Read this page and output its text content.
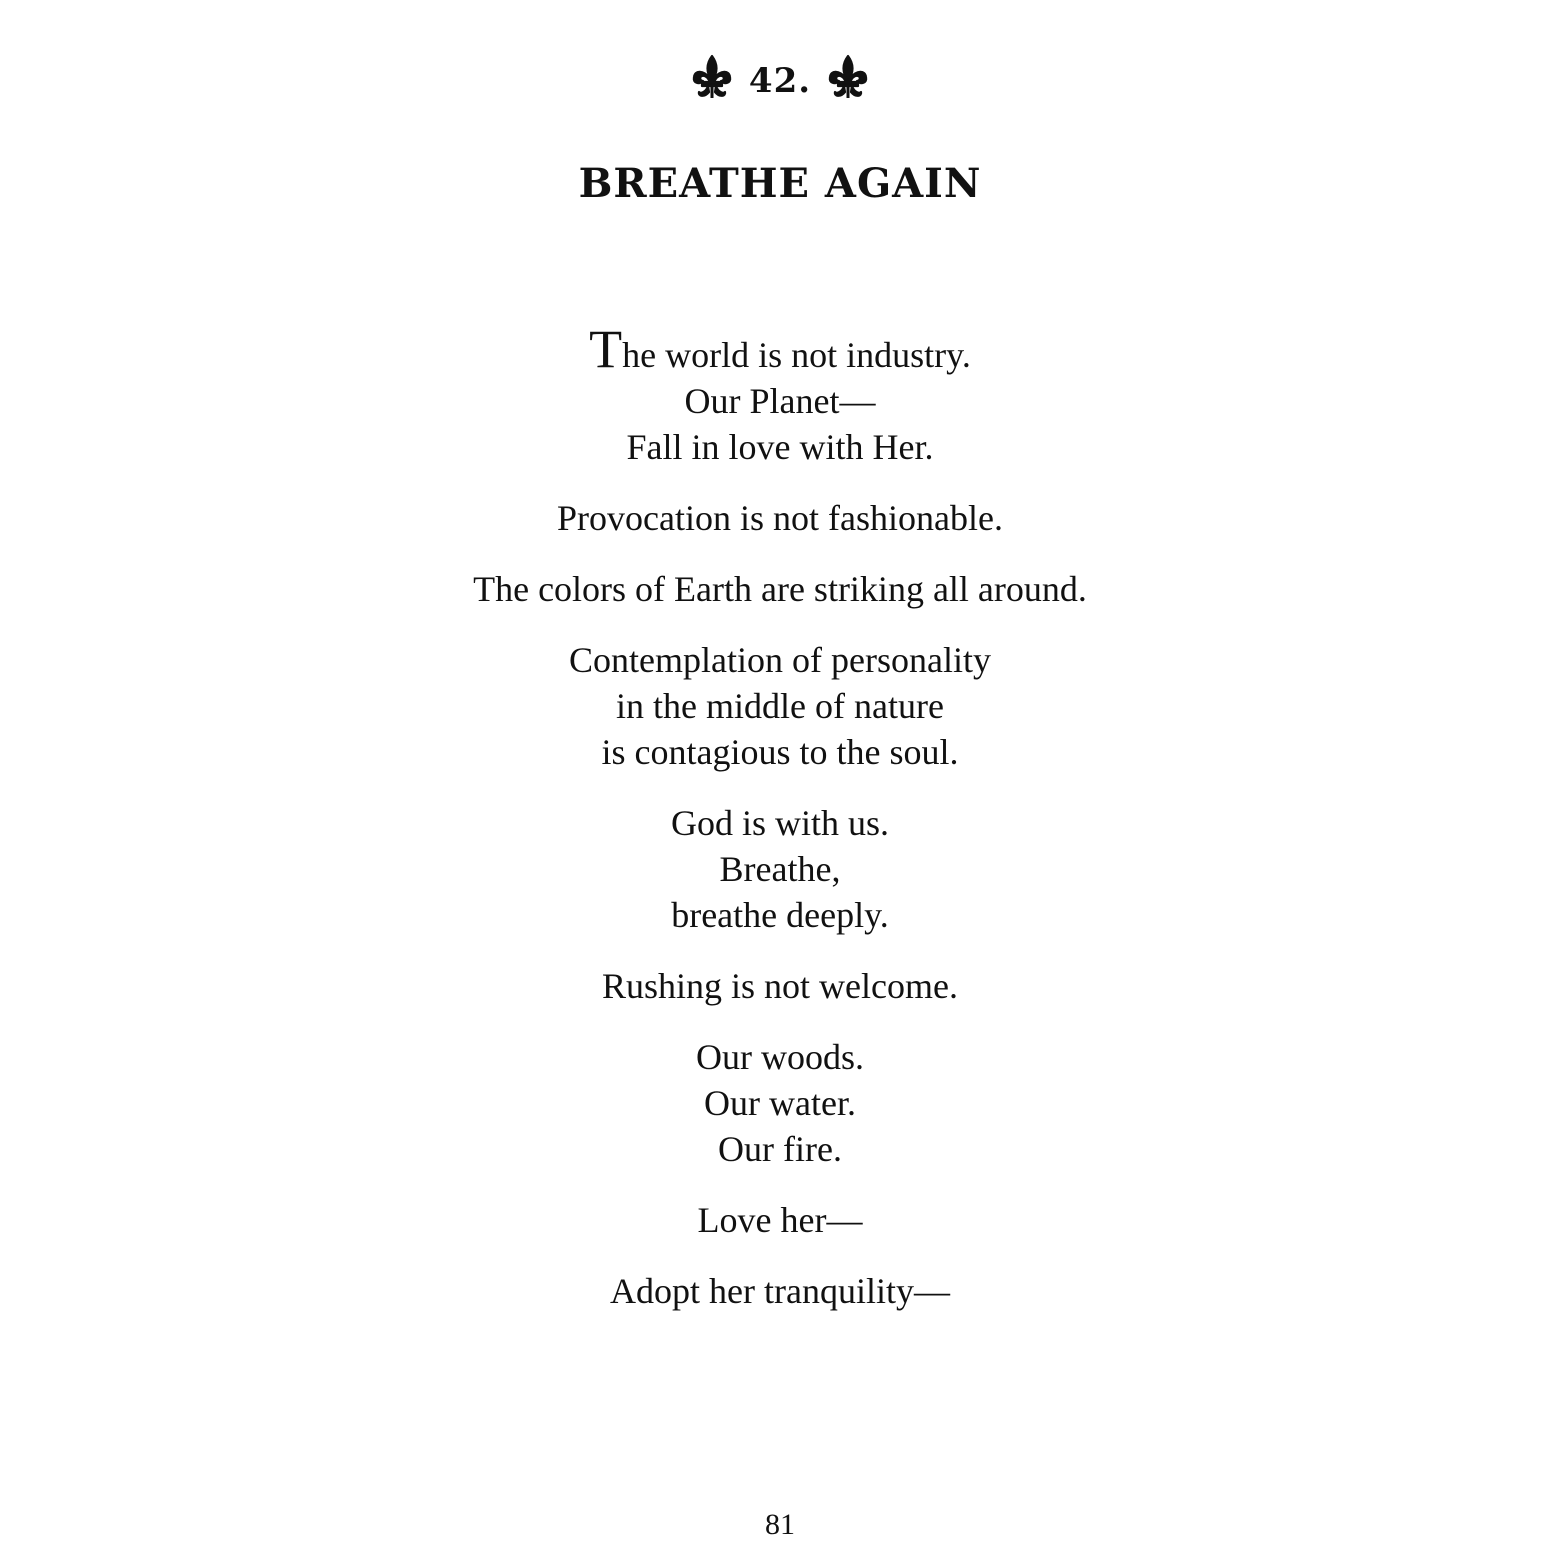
42.
BREATHE AGAIN
The world is not industry.
Our Planet—
Fall in love with Her.
Provocation is not fashionable.
The colors of Earth are striking all around.
Contemplation of personality
in the middle of nature
is contagious to the soul.
God is with us.
Breathe,
breathe deeply.
Rushing is not welcome.
Our woods.
Our water.
Our fire.
Love her—
Adopt her tranquility—
81
